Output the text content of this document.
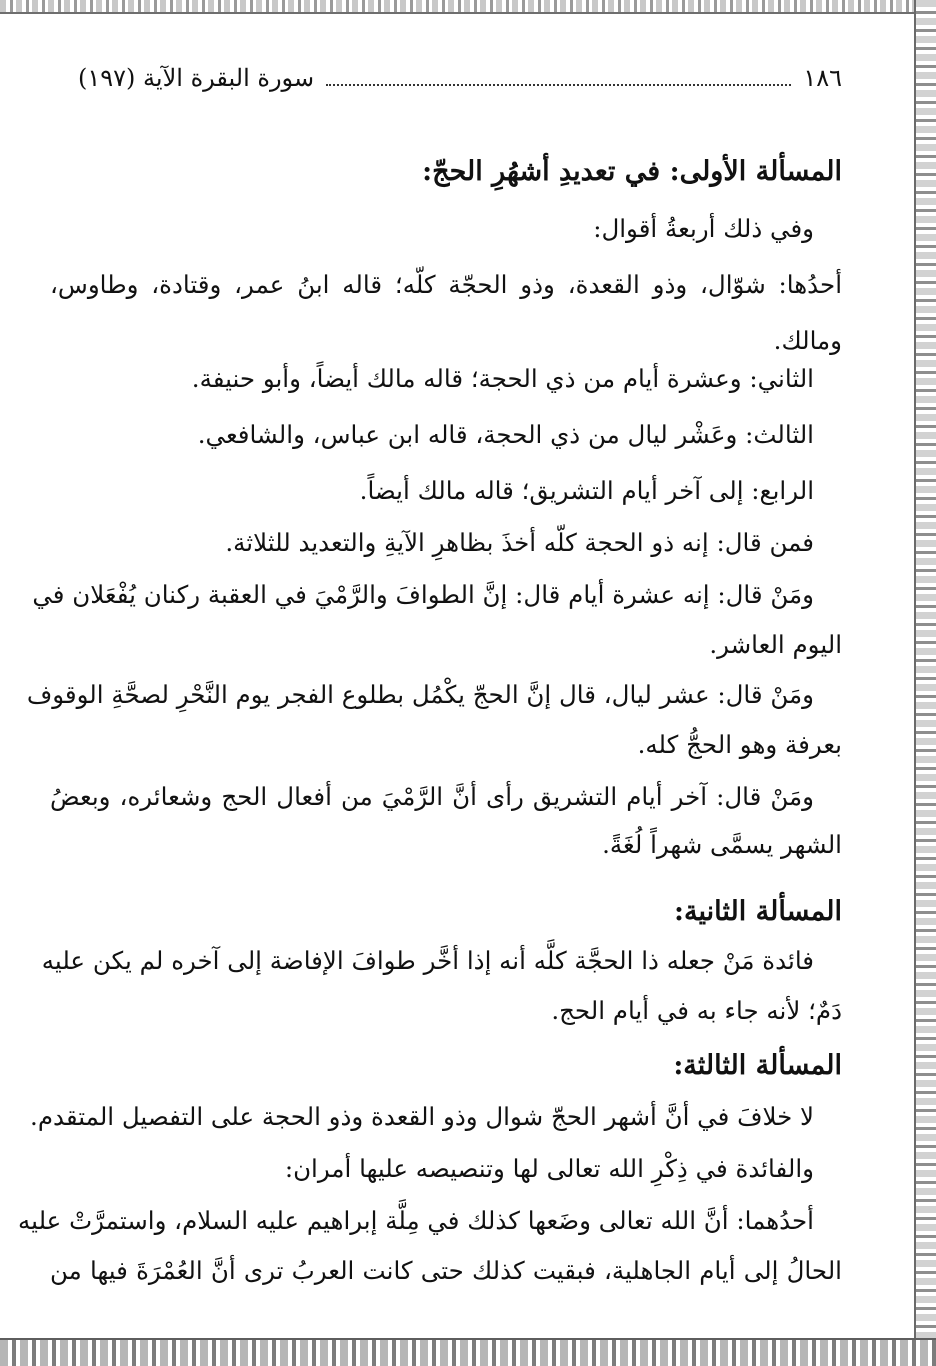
١٨٦
سورة البقرة الآية (١٩٧)
المسألة الأولى: في تعديدِ أشهُرِ الحجّ:
وفي ذلك أربعةُ أقوال:
أحدُها: شوّال، وذو القعدة، وذو الحجّة كلّه؛ قاله ابنُ عمر، وقتادة، وطاوس،
ومالك.
الثاني: وعشرة أيام من ذي الحجة؛ قاله مالك أيضاً، وأبو حنيفة.
الثالث: وعَشْر ليال من ذي الحجة، قاله ابن عباس، والشافعي.
الرابع: إلى آخر أيام التشريق؛ قاله مالك أيضاً.
فمن قال: إنه ذو الحجة كلّه أخذَ بظاهرِ الآيةِ والتعديد للثلاثة.
ومَنْ قال: إنه عشرة أيام قال: إنَّ الطوافَ والرَّمْيَ في العقبة ركنان يُفْعَلان في
اليوم العاشر.
ومَنْ قال: عشر ليال، قال إنَّ الحجّ يكْمُل بطلوع الفجر يوم النَّحْرِ لصحَّةِ الوقوف
بعرفة وهو الحجُّ كله.
ومَنْ قال: آخر أيام التشريق رأى أنَّ الرَّمْيَ من أفعال الحج وشعائره، وبعضُ
الشهر يسمَّى شهراً لُغَةً.
المسألة الثانية:
فائدة مَنْ جعله ذا الحجَّة كلَّه أنه إذا أخَّر طوافَ الإفاضة إلى آخره لم يكن عليه
دَمٌ؛ لأنه جاء به في أيام الحج.
المسألة الثالثة:
لا خلافَ في أنَّ أشهر الحجّ شوال وذو القعدة وذو الحجة على التفصيل المتقدم.
والفائدة في ذِكْرِ الله تعالى لها وتنصيصه عليها أمران:
أحدُهما: أنَّ الله تعالى وضَعها كذلك في مِلَّة إبراهيم عليه السلام، واستمرَّتْ عليه
الحالُ إلى أيام الجاهلية، فبقيت كذلك حتى كانت العربُ ترى أنَّ العُمْرَةَ فيها من
